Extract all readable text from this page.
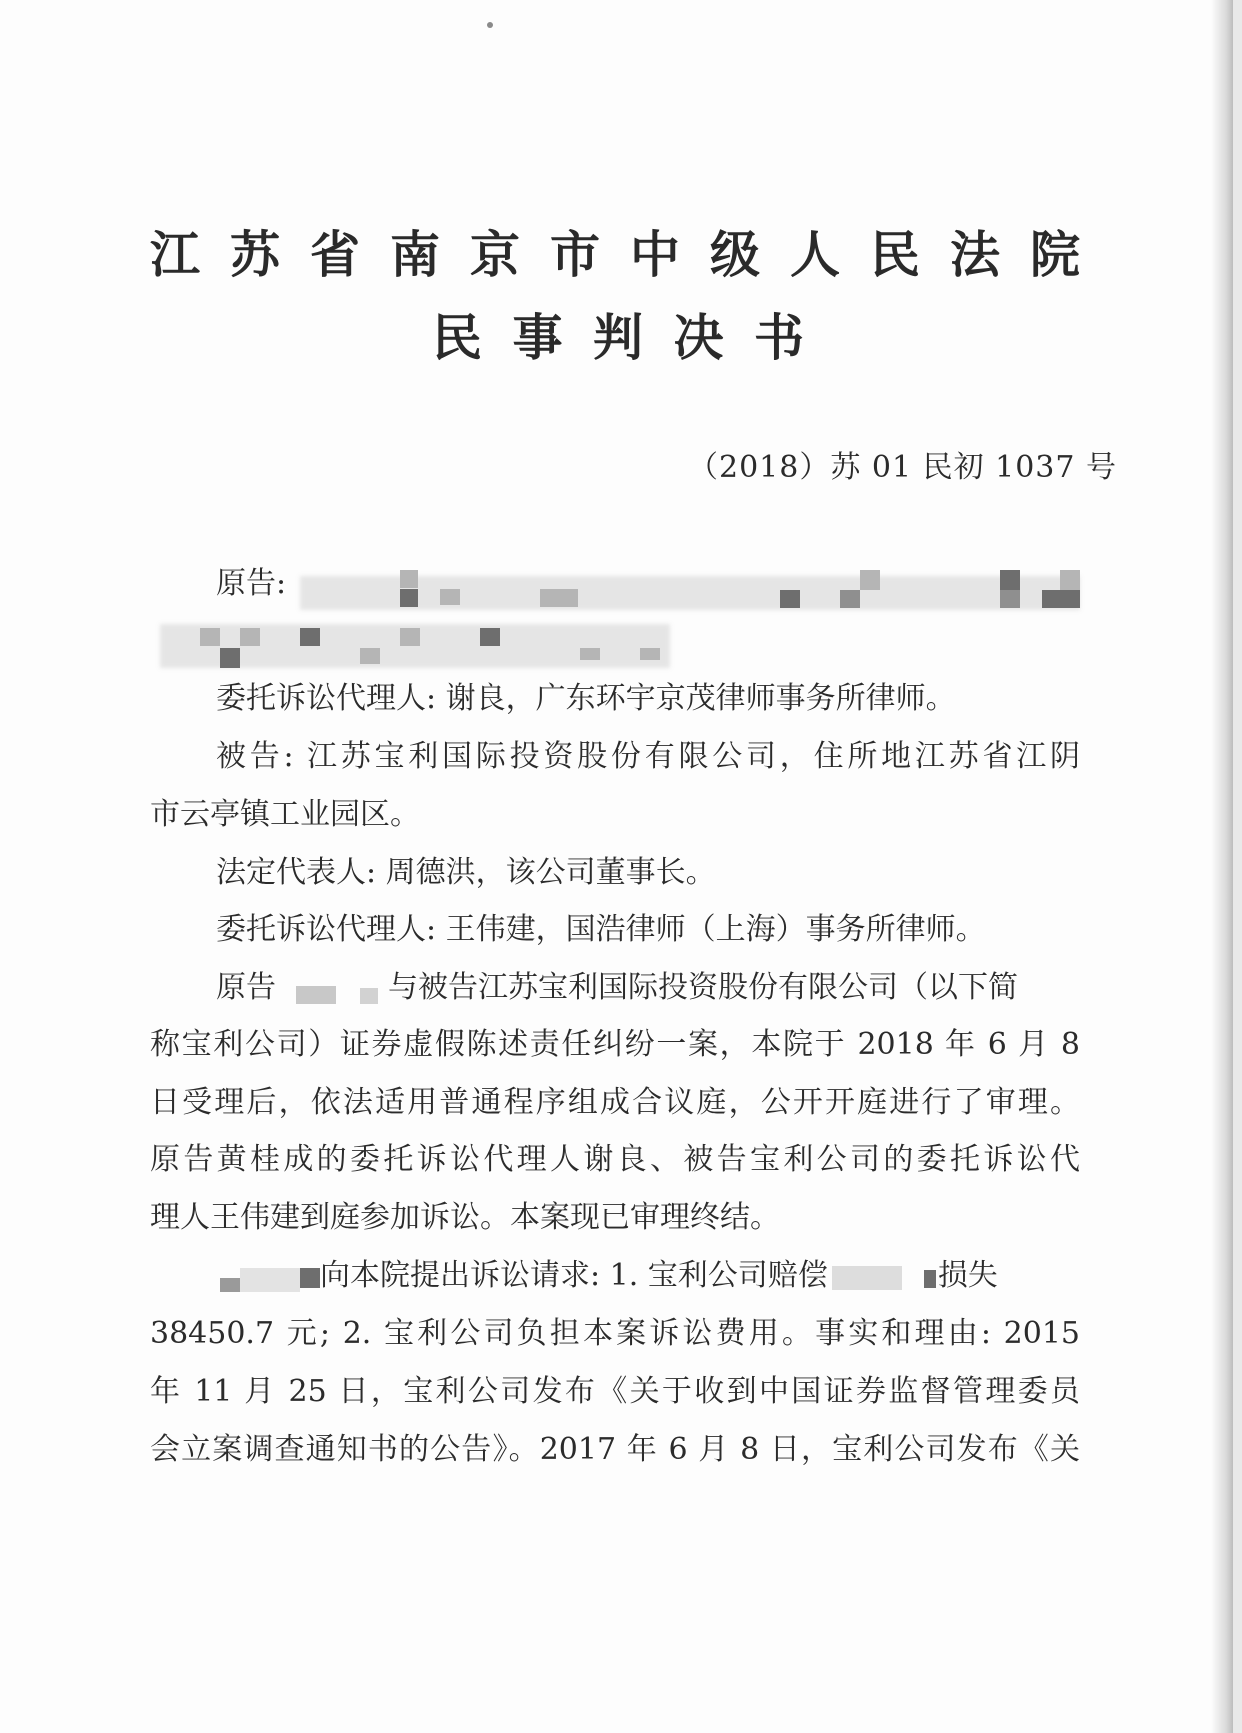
江 苏 省 南 京 市 中 级 人 民 法 院
民 事 判 决 书
（2018）苏 01 民初 1037 号
原告:
委托诉讼代理人: 谢良，广东环宇京茂律师事务所律师。
被告: 江苏宝利国际投资股份有限公司，住所地江苏省江阴
市云亭镇工业园区。
法定代表人: 周德洪，该公司董事长。
委托诉讼代理人: 王伟建，国浩律师（上海）事务所律师。
原告	与被告江苏宝利国际投资股份有限公司（以下简
称宝利公司）证券虚假陈述责任纠纷一案，本院于 2018 年 6 月 8
日受理后，依法适用普通程序组成合议庭，公开开庭进行了审理。
原告黄桂成的委托诉讼代理人谢良、被告宝利公司的委托诉讼代
理人王伟建到庭参加诉讼。本案现已审理终结。
向本院提出诉讼请求: 1. 宝利公司赔偿	损失
38450.7 元; 2. 宝利公司负担本案诉讼费用。事实和理由: 2015
年 11 月 25 日，宝利公司发布《关于收到中国证券监督管理委员
会立案调查通知书的公告》。2017 年 6 月 8 日，宝利公司发布《关
